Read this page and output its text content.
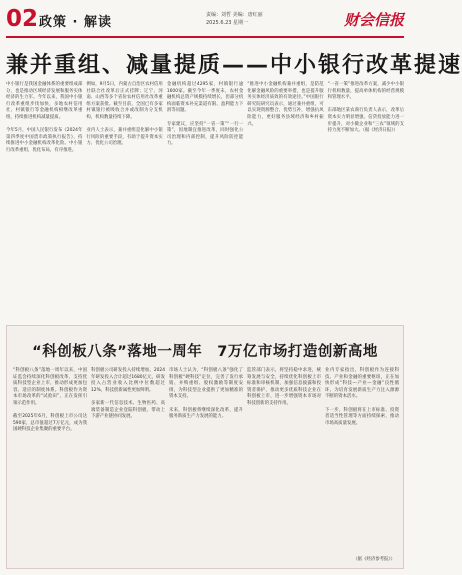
02 政策 · 解读	责编：刘哲 美编：唐红丽
2025.6.23 星期一	财会信报
兼并重组、减量提质——中小银行改革提速
中小银行是我国金融体系的重要组成部分，也是推动区域经济发展和服务实体经济的生力军。今年以来，我国中小银行改革重组步伐加快，多地农村信用社、村镇银行等金融机构相继改革重组，持续推进机构减量提质。

今年5月，中国人民银行发布《2024年第四季度中国货币政策执行报告》，持续推进中小金融机构改革化险。中小银行改革重组，优化布局，有序推进。
例如，9月5日，内蒙古自治区农村信用社联合社改革后正式挂牌；辽宁、河南、山西等多个省份农村信用社改革重组方案获批。截至目前，全国已有多家村镇银行被吸收合并或改制为分支机构，机构数量持续下降。

业内人士表示，兼并重组是化解中小银行风险的重要手段，有助于提升资本实力、优化公司治理。
金融机构超过4295家，村镇银行逾1600家。截至今年一季度末，农村金融机构总资产规模持续增长，但部分机构面临资本补充渠道有限、盈利能力下滑等问题。

专家建议，应坚持“一省一策”“一行一策”，因地制宜推进改革，同时强化公司治理和内部控制，提升风险防控能力。
“推进中小金融机构兼并重组，是防范化解金融风险的重要举措，也是提升服务实体经济质效的有效途径。”中国银行研究院研究员表示，通过兼并重组，可以实现资源整合、优势互补，增强抗风险能力，更好服务县域经济和乡村振兴。
“一省一策”推进改革方案，减少中小银行机构数量，提高单体机构的经营规模和管理水平。

东部地区某农商行负责人表示，改革后资本实力明显增强，信贷投放能力进一步提升，对小微企业和“三农”领域的支持力度不断加大。（据《经济日报》）
“科创板八条”落地一周年　7万亿市场打造创新高地
“科创板八条”落地一周年以来，中国证监会持续深化科创板改革，支持优质科技型企业上市，推动形成更加包容、适应的制度体系。科创板作为资本市场改革的“试验田”，正在发挥引领示范作用。

截至2025年6月，科创板上市公司达590家，总市值超过7万亿元，成为我国硬科技企业集聚的重要平台。
科创板公司研发投入持续增加，2024年研发投入合计超过1680亿元，研发投入占营业收入比例中位数超过12%，科技创新属性更加鲜明。

多家新一代信息技术、生物医药、高端装备制造企业登陆科创板，带动上下游产业链协同发展。
市场人士认为，“科创板八条”强化了科创板“硬科技”定位，完善了发行承销、并购重组、股权激励等制度安排，为科技型企业提供了更加精准的资本支持。

未来，科创板将继续深化改革，提升服务新质生产力发展的能力。
监管部门表示，将坚持稳中求进，统筹发展与安全，持续优化科创板上市标准和审核机制，加强信息披露和投资者保护，推动更多优质科技企业在科创板上市，进一步增强资本市场对科技创新的支持作用。
业内专家指出，科创板作为连接科技、产业和金融的重要枢纽，正在加快形成“科技—产业—金融”良性循环，为培育发展新质生产力注入源源不断的资本活水。

下一步，科创板将在上市标准、投资者适当性管理等方面持续探索，推动市场高质量发展。
（据《经济参考报》）
